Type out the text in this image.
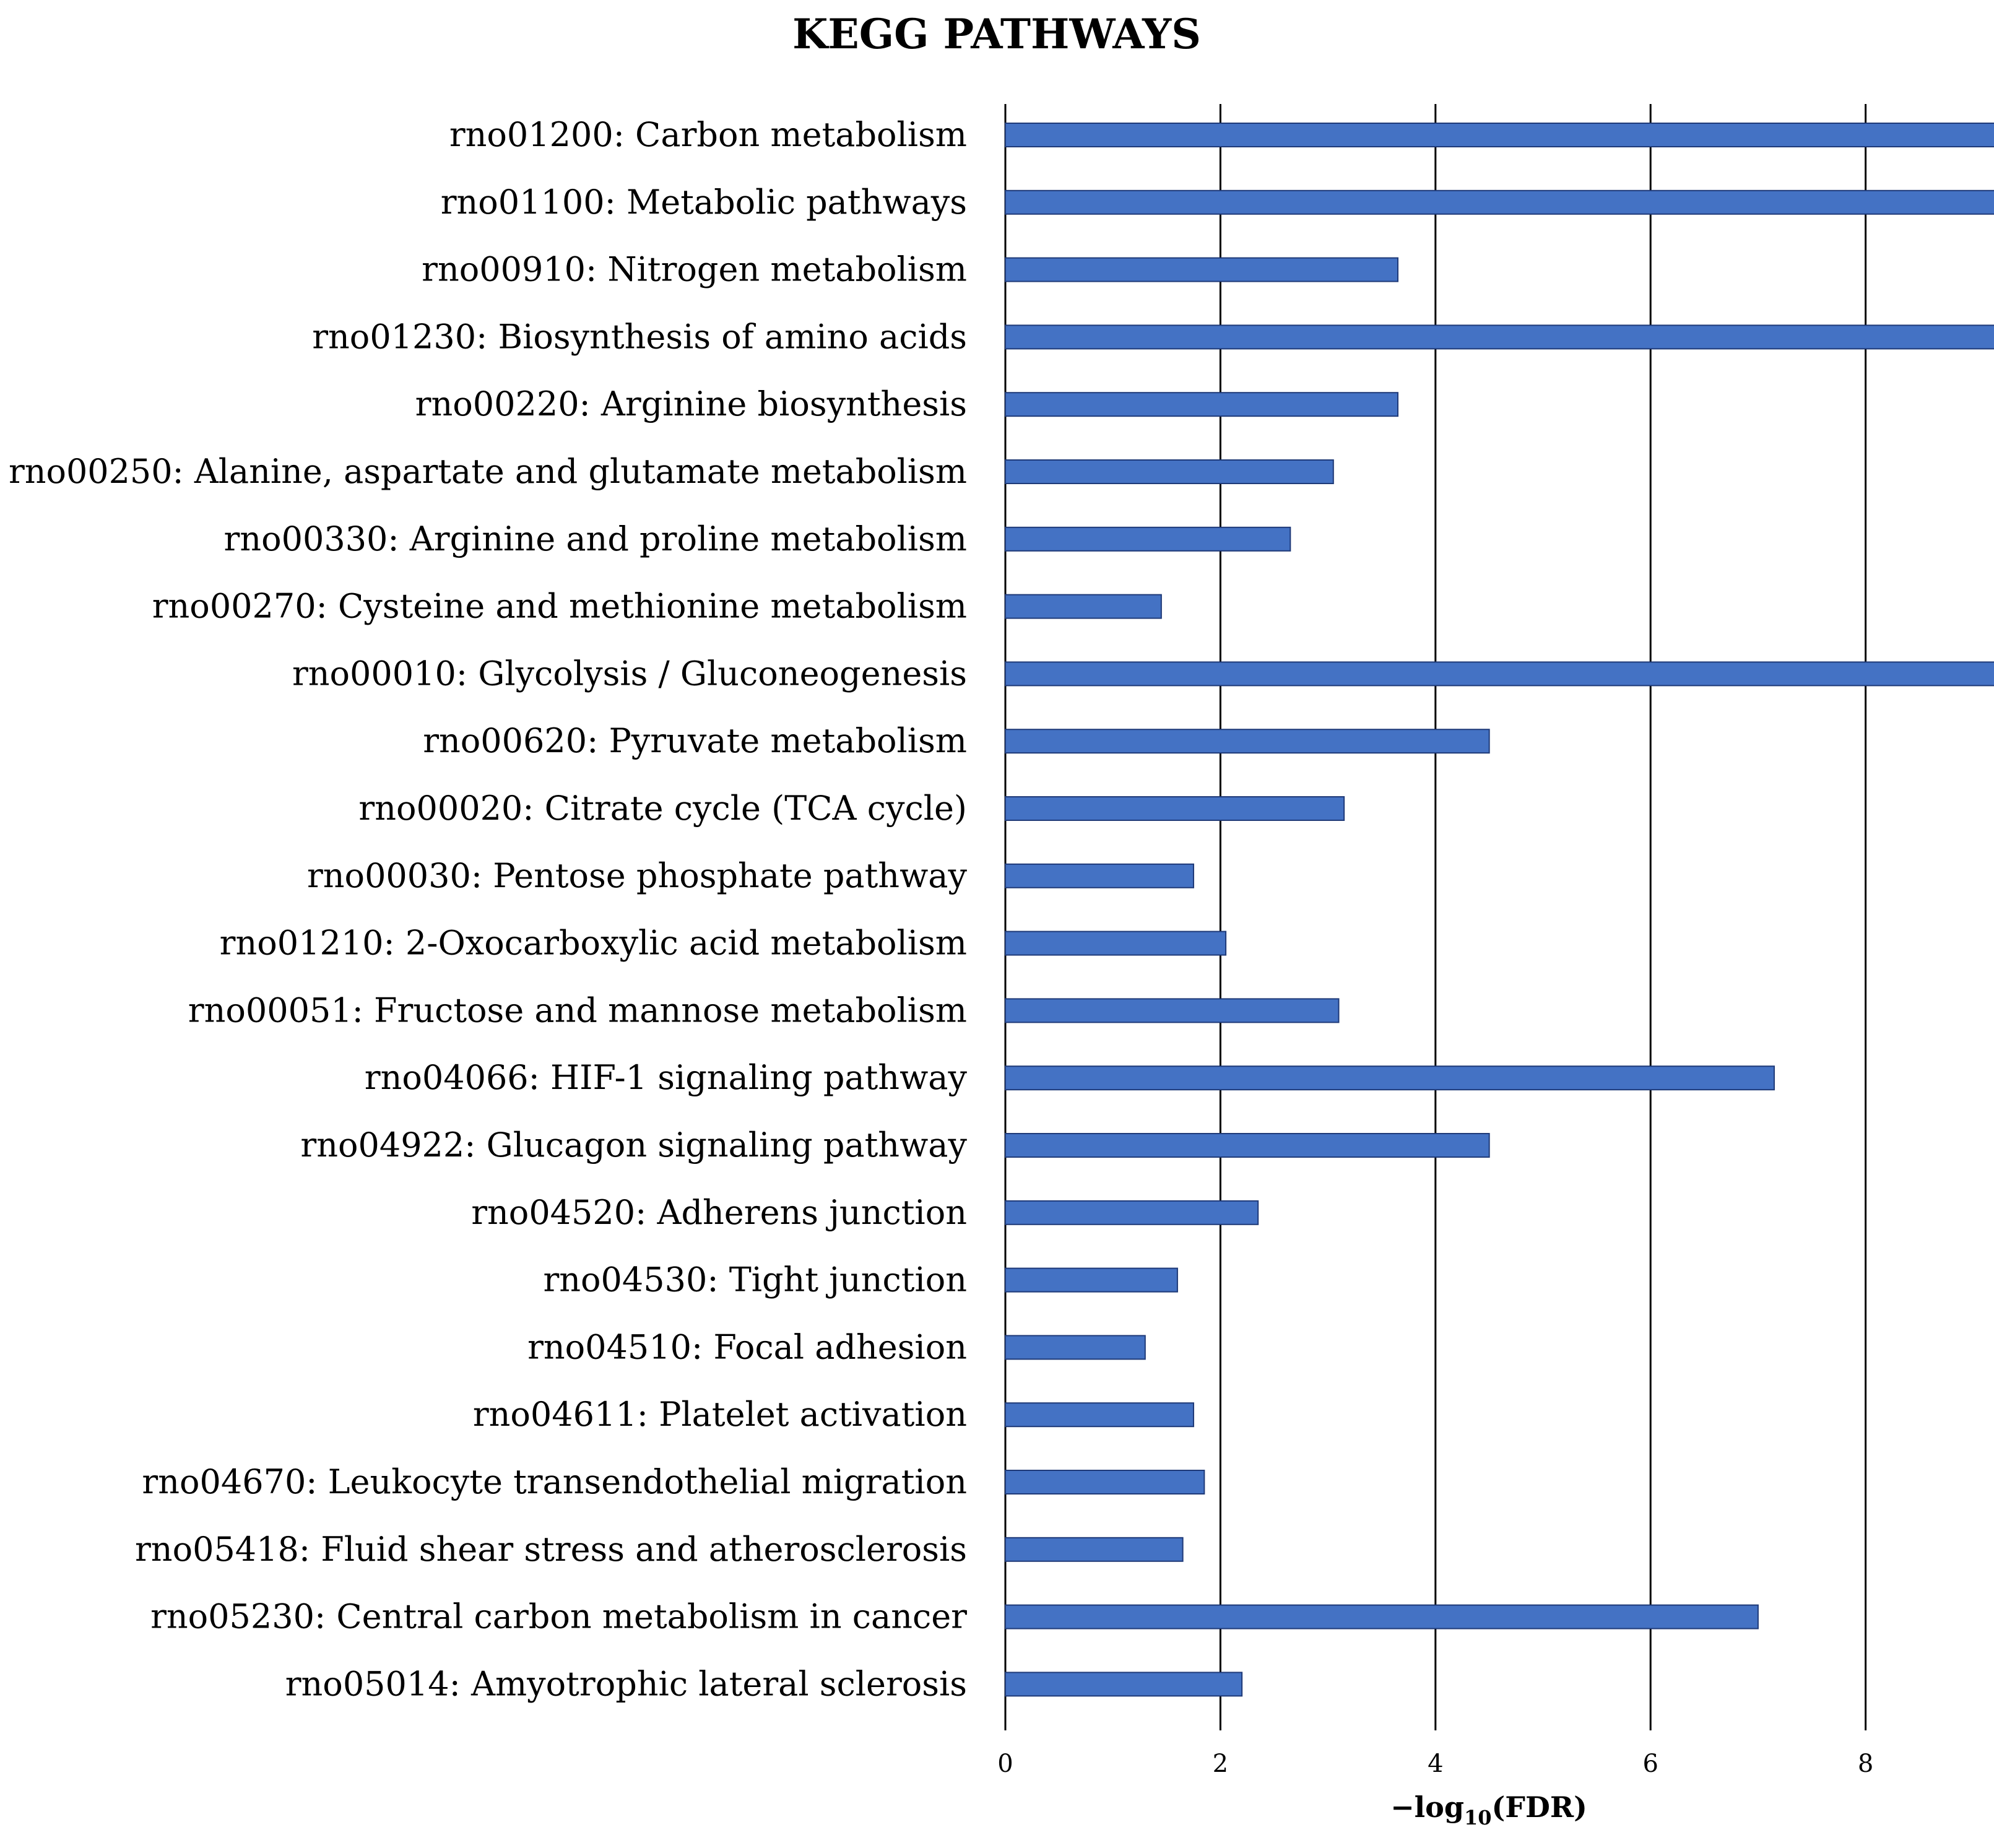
KEGG PATHWAYS
rno01200: Carbon metabolism
rno01100: Metabolic pathways
rno00910: Nitrogen metabolism
rno01230: Biosynthesis of amino acids
rno00220: Arginine biosynthesis
rno00250: Alanine, aspartate and glutamate metabolism
rno00330: Arginine and proline metabolism
rno00270: Cysteine and methionine metabolism
rno00010: Glycolysis / Gluconeogenesis
rno00620: Pyruvate metabolism
rno00020: Citrate cycle (TCA cycle)
rno00030: Pentose phosphate pathway
rno01210: 2-Oxocarboxylic acid metabolism
rno00051: Fructose and mannose metabolism
rno04066: HIF-1 signaling pathway
rno04922: Glucagon signaling pathway
rno04520: Adherens junction
rno04530: Tight junction
rno04510: Focal adhesion
rno04611: Platelet activation
rno04670: Leukocyte transendothelial migration
rno05418: Fluid shear stress and atherosclerosis
rno05230: Central carbon metabolism in cancer
rno05014: Amyotrophic lateral sclerosis
0	2	4	6	8
$-\log_{10}(FDR)$
